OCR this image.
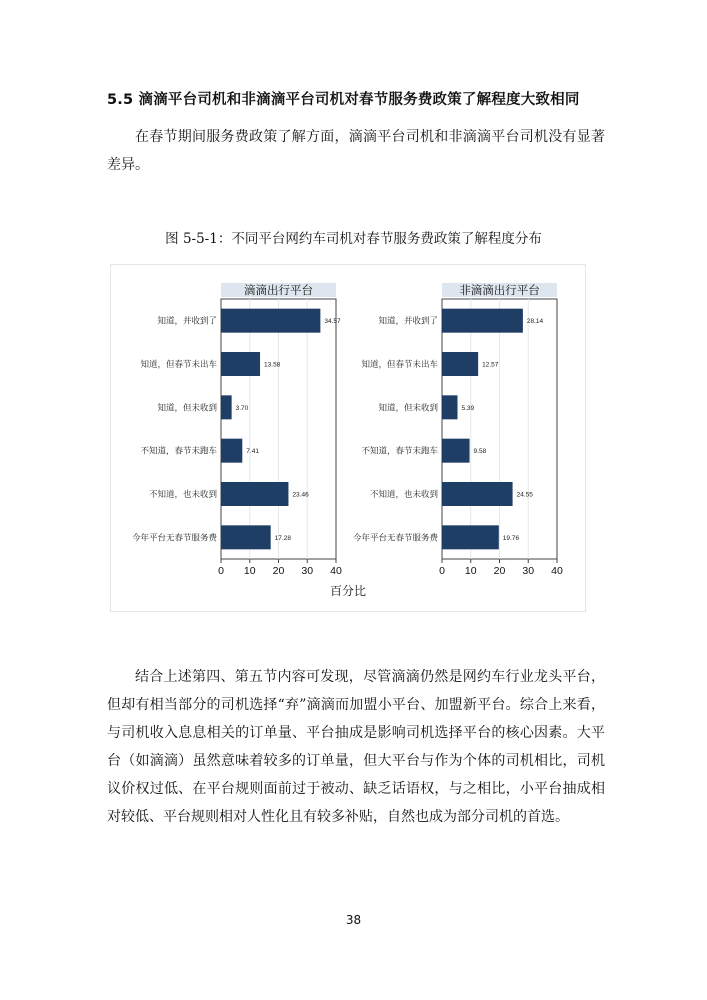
5.5 滴滴平台司机和非滴滴平台司机对春节服务费政策了解程度大致相同

在春节期间服务费政策了解方面，滴滴平台司机和非滴滴平台司机没有显著差异。

图 5-5-1：不同平台网约车司机对春节服务费政策了解程度分布
滴滴出行平台
知道，并收到了	34.57
知道，但春节未出车	13.58
知道，但未收到	3.70
不知道，春节未跑车	7.41
不知道，也未收到	23.46
今年平台无春节服务费	17.28
0 10 20 30 40
非滴滴出行平台
知道，并收到了	28.14
知道，但春节未出车	12.57
知道，但未收到	5.39
不知道，春节未跑车	9.58
不知道，也未收到	24.55
今年平台无春节服务费	19.76
0 10 20 30 40
百分比

结合上述第四、第五节内容可发现，尽管滴滴仍然是网约车行业龙头平台，但却有相当部分的司机选择“弃”滴滴而加盟小平台、加盟新平台。综合上来看，与司机收入息息相关的订单量、平台抽成是影响司机选择平台的核心因素。大平台（如滴滴）虽然意味着较多的订单量，但大平台与作为个体的司机相比，司机议价权过低、在平台规则面前过于被动、缺乏话语权，与之相比，小平台抽成相对较低、平台规则相对人性化且有较多补贴，自然也成为部分司机的首选。

38
